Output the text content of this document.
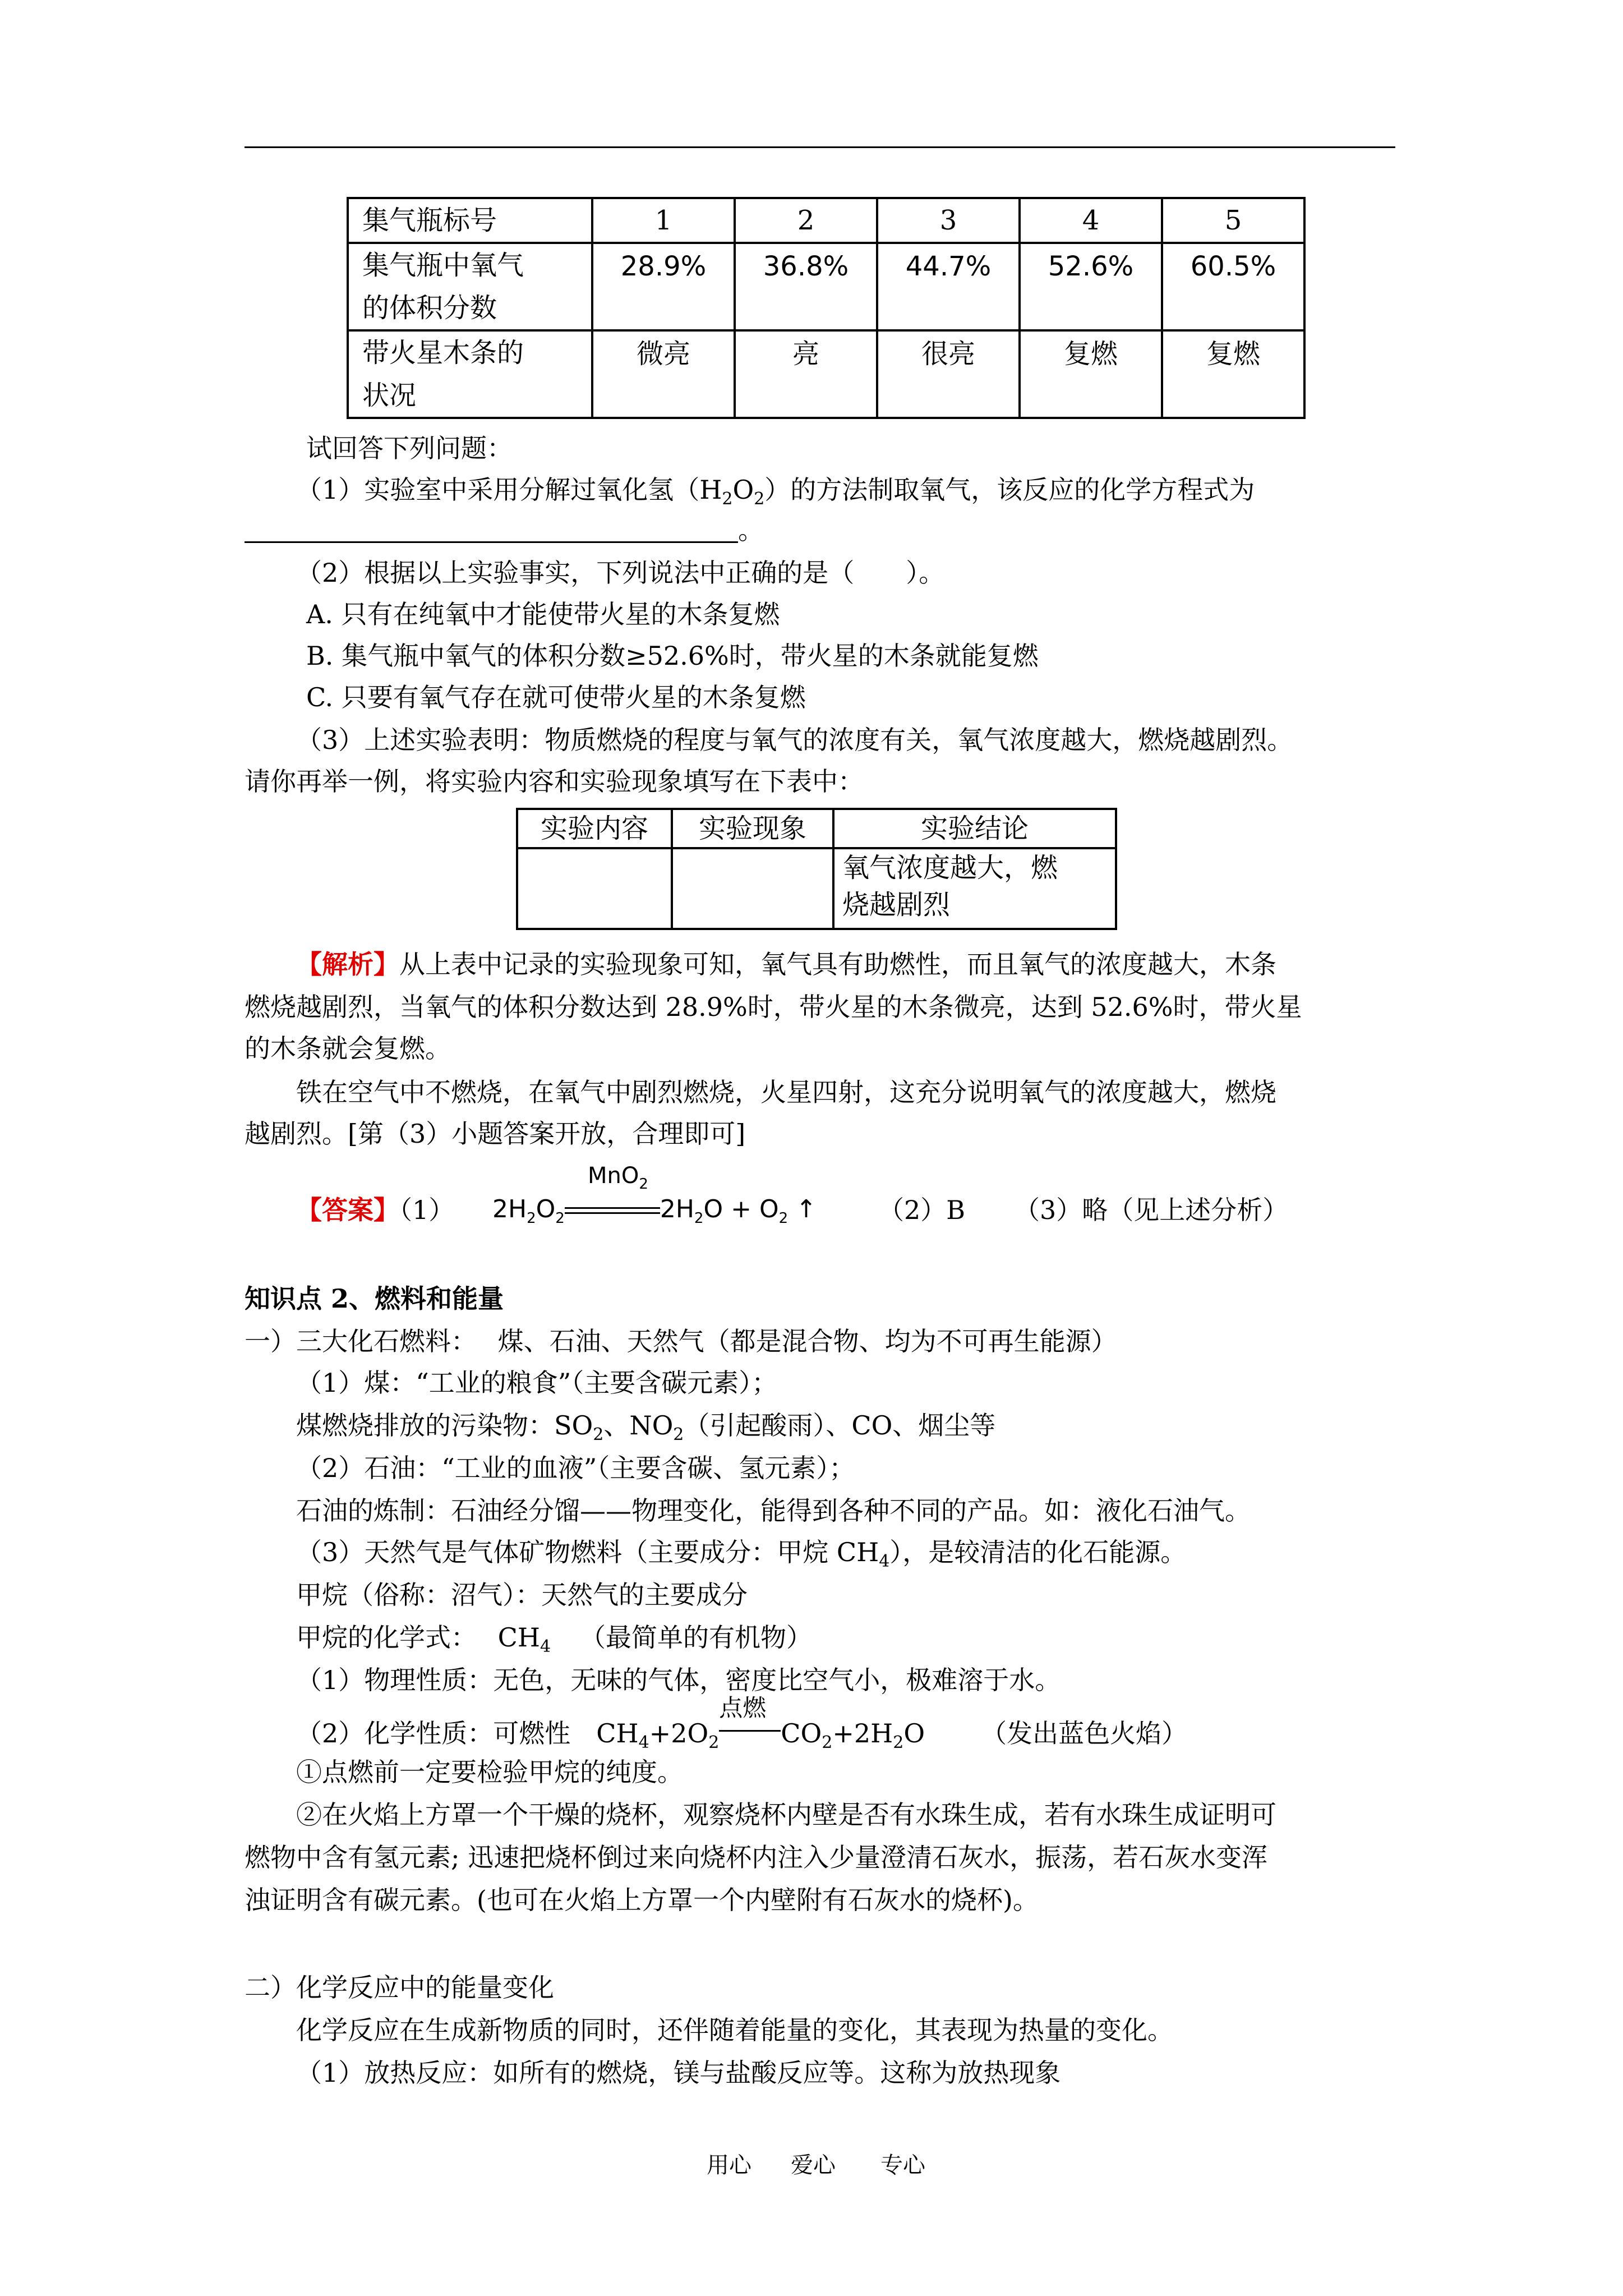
集气瓶标号	1	2	3	4	5

集气瓶中氧气
的体积分数	28.9%	36.8%	44.7%	52.6%	60.5%

带火星木条的
状况	微亮	亮	很亮	复燃	复燃
试回答下列问题：
（1）实验室中采用分解过氧化氢$(H_2O_2)$的方法制取氧气，该反应的化学方程式为
。
（2）根据以上实验事实，下列说法中正确的是（　　）。
A. 只有在纯氧中才能使带火星的木条复燃
B. 集气瓶中氧气的体积分数≥52.6%时，带火星的木条就能复燃
C. 只要有氧气存在就可使带火星的木条复燃
（3）上述实验表明：物质燃烧的程度与氧气的浓度有关，氧气浓度越大，燃烧越剧烈。
请你再举一例，将实验内容和实验现象填写在下表中：
实验内容	实验现象	实验结论

		氧气浓度越大，燃
烧越剧烈
【解析】从上表中记录的实验现象可知，氧气具有助燃性，而且氧气的浓度越大，木条
燃烧越剧烈，当氧气的体积分数达到 28.9%时，带火星的木条微亮，达到 52.6%时，带火星
的木条就会复燃。
铁在空气中不燃烧，在氧气中剧烈燃烧，火星四射，这充分说明氧气的浓度越大，燃烧
越剧烈。[第（3）小题答案开放，合理即可]
【答案】（1）
MnO$_2$
$2H_2O_2$	$2H_2O + O_2$ ↑ （2）B （3）略（见上述分析）
知识点 2、燃料和能量
一）三大化石燃料：　 煤、石油、天然气（都是混合物、均为不可再生能源）
（1）煤：“工业的粮食”（主要含碳元素）；
煤燃烧排放的污染物：$SO_2$、$NO_2$（引起酸雨）、CO、烟尘等
（2）石油：“工业的血液”（主要含碳、氢元素）；
石油的炼制：石油经分馏——物理变化，能得到各种不同的产品。如：液化石油气。
（3）天然气是气体矿物燃料（主要成分：甲烷 $CH_4$），是较清洁的化石能源。
甲烷（俗称：沼气）：天然气的主要成分
甲烷的化学式：　 $CH_4$ （最简单的有机物）
（1）物理性质：无色，无味的气体，密度比空气小，极难溶于水。
（2）化学性质：可燃性　$CH_4+2O_2$
点燃
$CO_2+2H_2O$ （发出蓝色火焰）
①点燃前一定要检验甲烷的纯度。
②在火焰上方罩一个干燥的烧杯，观察烧杯内壁是否有水珠生成，若有水珠生成证明可
燃物中含有氢元素; 迅速把烧杯倒过来向烧杯内注入少量澄清石灰水，振荡，若石灰水变浑
浊证明含有碳元素。(也可在火焰上方罩一个内壁附有石灰水的烧杯)。
二）化学反应中的能量变化
化学反应在生成新物质的同时，还伴随着能量的变化，其表现为热量的变化。
（1）放热反应：如所有的燃烧，镁与盐酸反应等。这称为放热现象
用心 爱心 专心
